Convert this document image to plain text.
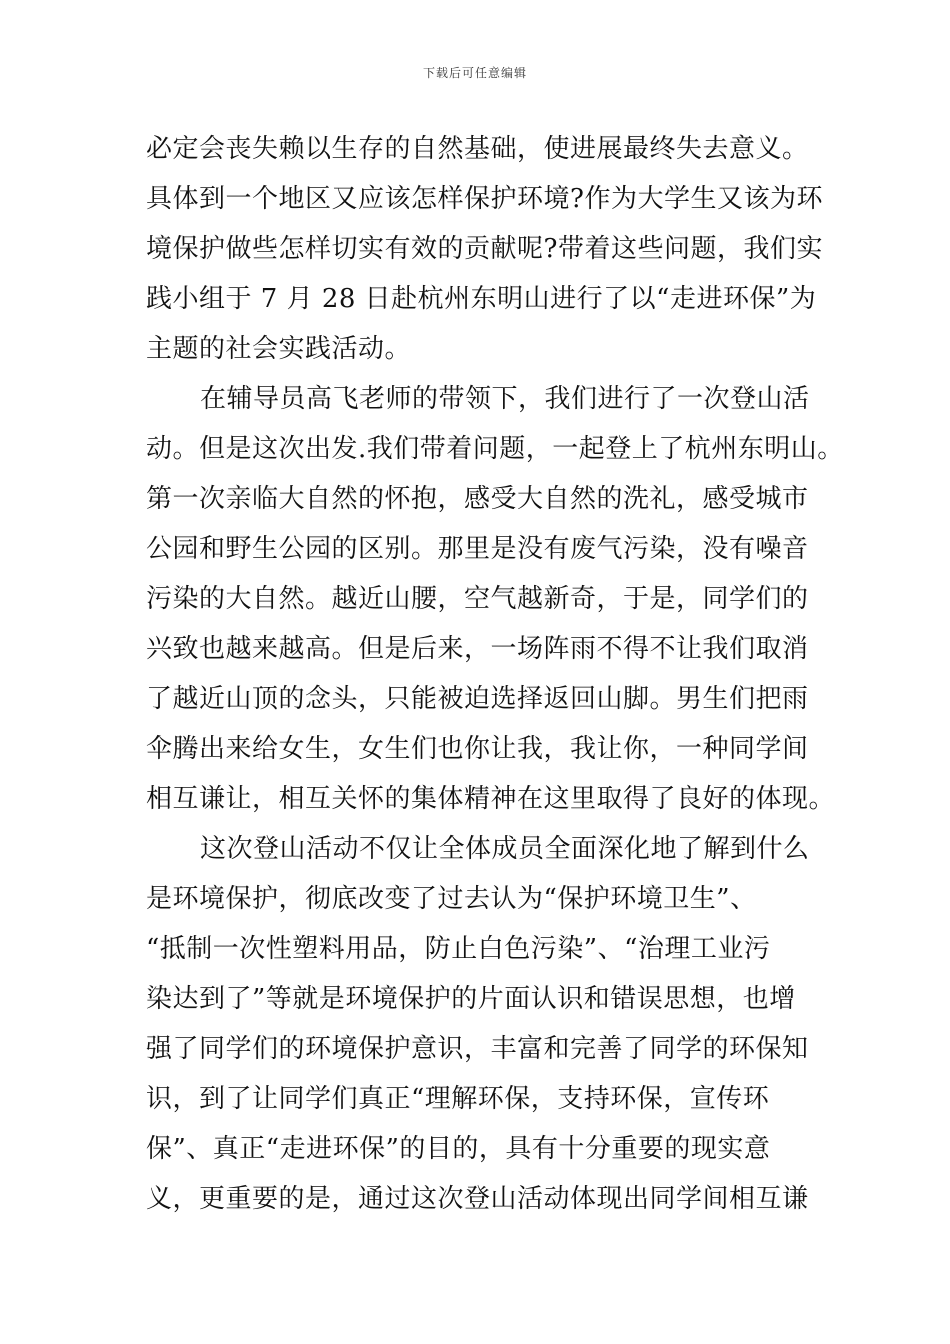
下载后可任意编辑
必定会丧失赖以生存的自然基础，使进展最终失去意义。
具体到一个地区又应该怎样保护环境?作为大学生又该为环
境保护做些怎样切实有效的贡献呢?带着这些问题，我们实
践小组于 7 月 28 日赴杭州东明山进行了以“走进环保”为
主题的社会实践活动。
在辅导员高飞老师的带领下，我们进行了一次登山活
动。但是这次出发.我们带着问题，一起登上了杭州东明山。
第一次亲临大自然的怀抱，感受大自然的洗礼，感受城市
公园和野生公园的区别。那里是没有废气污染，没有噪音
污染的大自然。越近山腰，空气越新奇，于是，同学们的
兴致也越来越高。但是后来，一场阵雨不得不让我们取消
了越近山顶的念头，只能被迫选择返回山脚。男生们把雨
伞腾出来给女生，女生们也你让我，我让你，一种同学间
相互谦让，相互关怀的集体精神在这里取得了良好的体现。
这次登山活动不仅让全体成员全面深化地了解到什么
是环境保护，彻底改变了过去认为“保护环境卫生”、
“抵制一次性塑料用品，防止白色污染”、“治理工业污
染达到了”等就是环境保护的片面认识和错误思想，也增
强了同学们的环境保护意识，丰富和完善了同学的环保知
识，到了让同学们真正“理解环保，支持环保，宣传环
保”、真正“走进环保”的目的，具有十分重要的现实意
义，更重要的是，通过这次登山活动体现出同学间相互谦
